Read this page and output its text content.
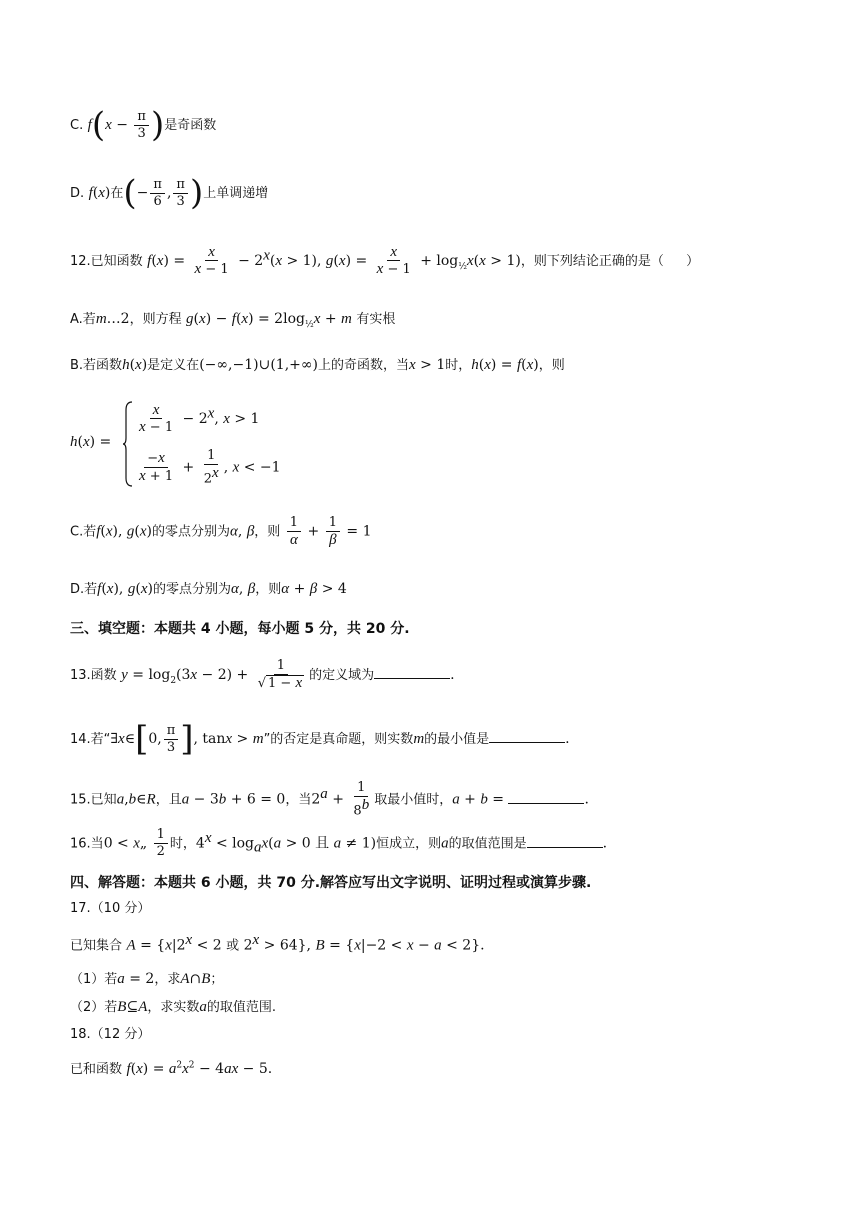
C. $f(x - \frac{\pi}{3}$ )是奇函数
D. f(x)在(− $\frac{\pi}{6}$ , $\frac{\pi}{3}$ )上单调递增
12.已知函数 $f(x) = \frac{x}{x - 1} - 2^x(x > 1)$, $g(x) = \frac{x}{x - 1} + \log_{\frac{1}{2}}x(x > 1)$，则下列结论正确的是（ ）
A.若m…2，则方程 $g(x) - f(x) = 2\log_{\frac{1}{2}}x + m$ 有实根
B.若函数h(x)是定义在(−∞,−1)∪(1,+∞)上的奇函数，当x > 1时，h(x) = f(x)，则
h(x) =
$\frac{x}{x - 1} - 2^x$, x > 1
$\frac{-x}{x + 1} + \frac{1}{2^x}$ , x < −1
C.若f(x), g(x)的零点分别为α, β，则 $\frac{1}{\alpha} + \frac{1}{\beta} = 1$
D.若f(x), g(x)的零点分别为α, β，则α + β > 4
三、填空题：本题共 4 小题，每小题 5 分，共 20 分.
13.函数 $y = \log_2(3x - 2) + \frac{1}{√ 1 - x}$ 的定义域为	.
14.若“∃x∈[0, $\frac{\pi}{3}$ ], tanx > m”的否定是真命题，则实数m的最小值是	.
15.已知a,b∈R，且a − 3b + 6 = 0，当$2^a + \frac{1}{8^b}$ 取最小值时，a + b =	.
16.当0 < x„ $\frac{1}{2}$ 时，$4^x < \log_ax(a > 0$ 且 a ≠ 1)恒成立，则a的取值范围是	.
四、解答题：本题共 6 小题，共 70 分.解答应写出文字说明、证明过程或演算步骤.
17.（10 分）
已知集合 $A = \{x|2^x < 2$ 或 $2^x > 64$}, B = {x|−2 < x − a < 2}.
（1）若a = 2，求A∩B；
（2）若B⊆A，求实数a的取值范围.
18.（12 分）
已和函数 $f(x) = a^2x^2 - 4ax - 5$.
